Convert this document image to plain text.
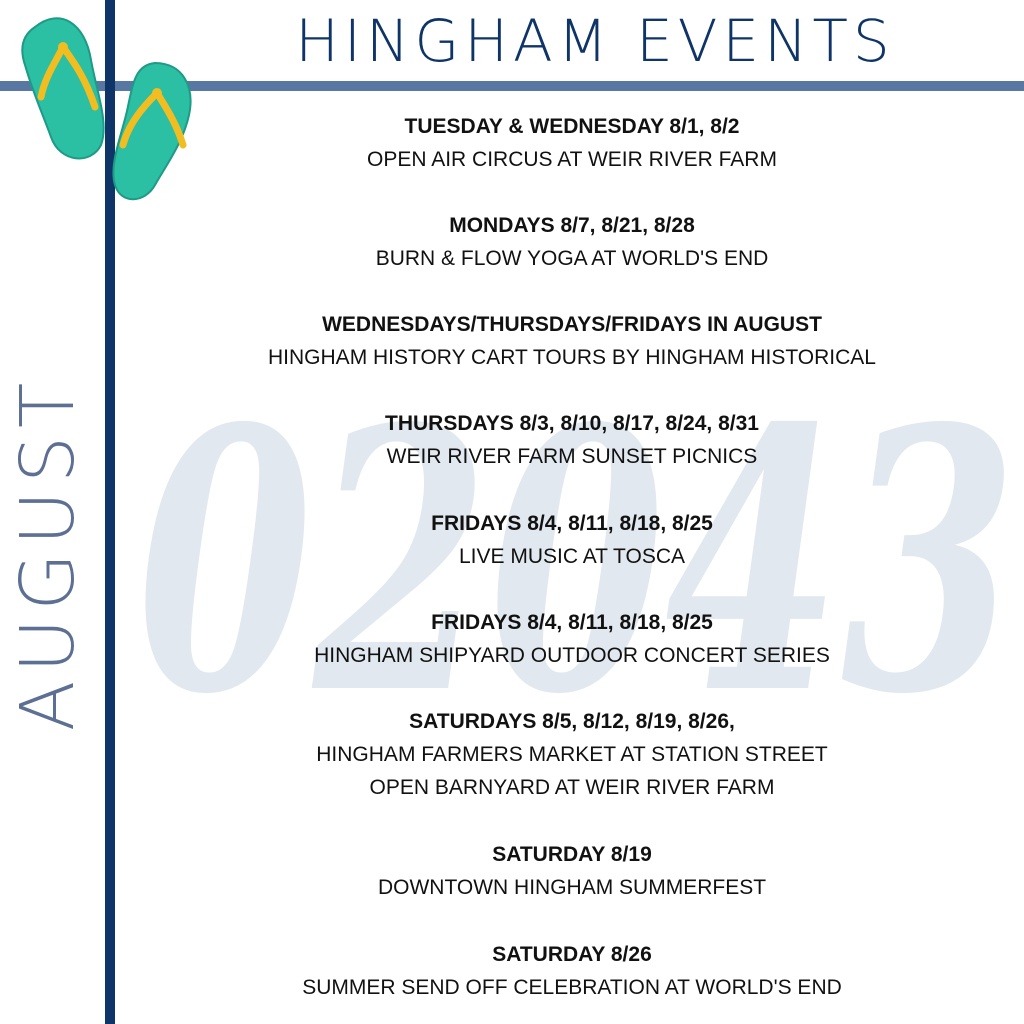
02043
HINGHAM EVENTS
AUGUST
TUESDAY & WEDNESDAY 8/1, 8/2
OPEN AIR CIRCUS AT WEIR RIVER FARM
MONDAYS 8/7, 8/21, 8/28
BURN & FLOW YOGA AT WORLD'S END
WEDNESDAYS/THURSDAYS/FRIDAYS IN AUGUST
HINGHAM HISTORY CART TOURS BY HINGHAM HISTORICAL
THURSDAYS 8/3, 8/10, 8/17, 8/24, 8/31
WEIR RIVER FARM SUNSET PICNICS
FRIDAYS 8/4, 8/11, 8/18, 8/25
LIVE MUSIC AT TOSCA
FRIDAYS 8/4, 8/11, 8/18, 8/25
HINGHAM SHIPYARD OUTDOOR CONCERT SERIES
SATURDAYS 8/5, 8/12, 8/19, 8/26,
HINGHAM FARMERS MARKET AT STATION STREET
OPEN BARNYARD AT WEIR RIVER FARM
SATURDAY 8/19
DOWNTOWN HINGHAM SUMMERFEST
SATURDAY 8/26
SUMMER SEND OFF CELEBRATION AT WORLD'S END
